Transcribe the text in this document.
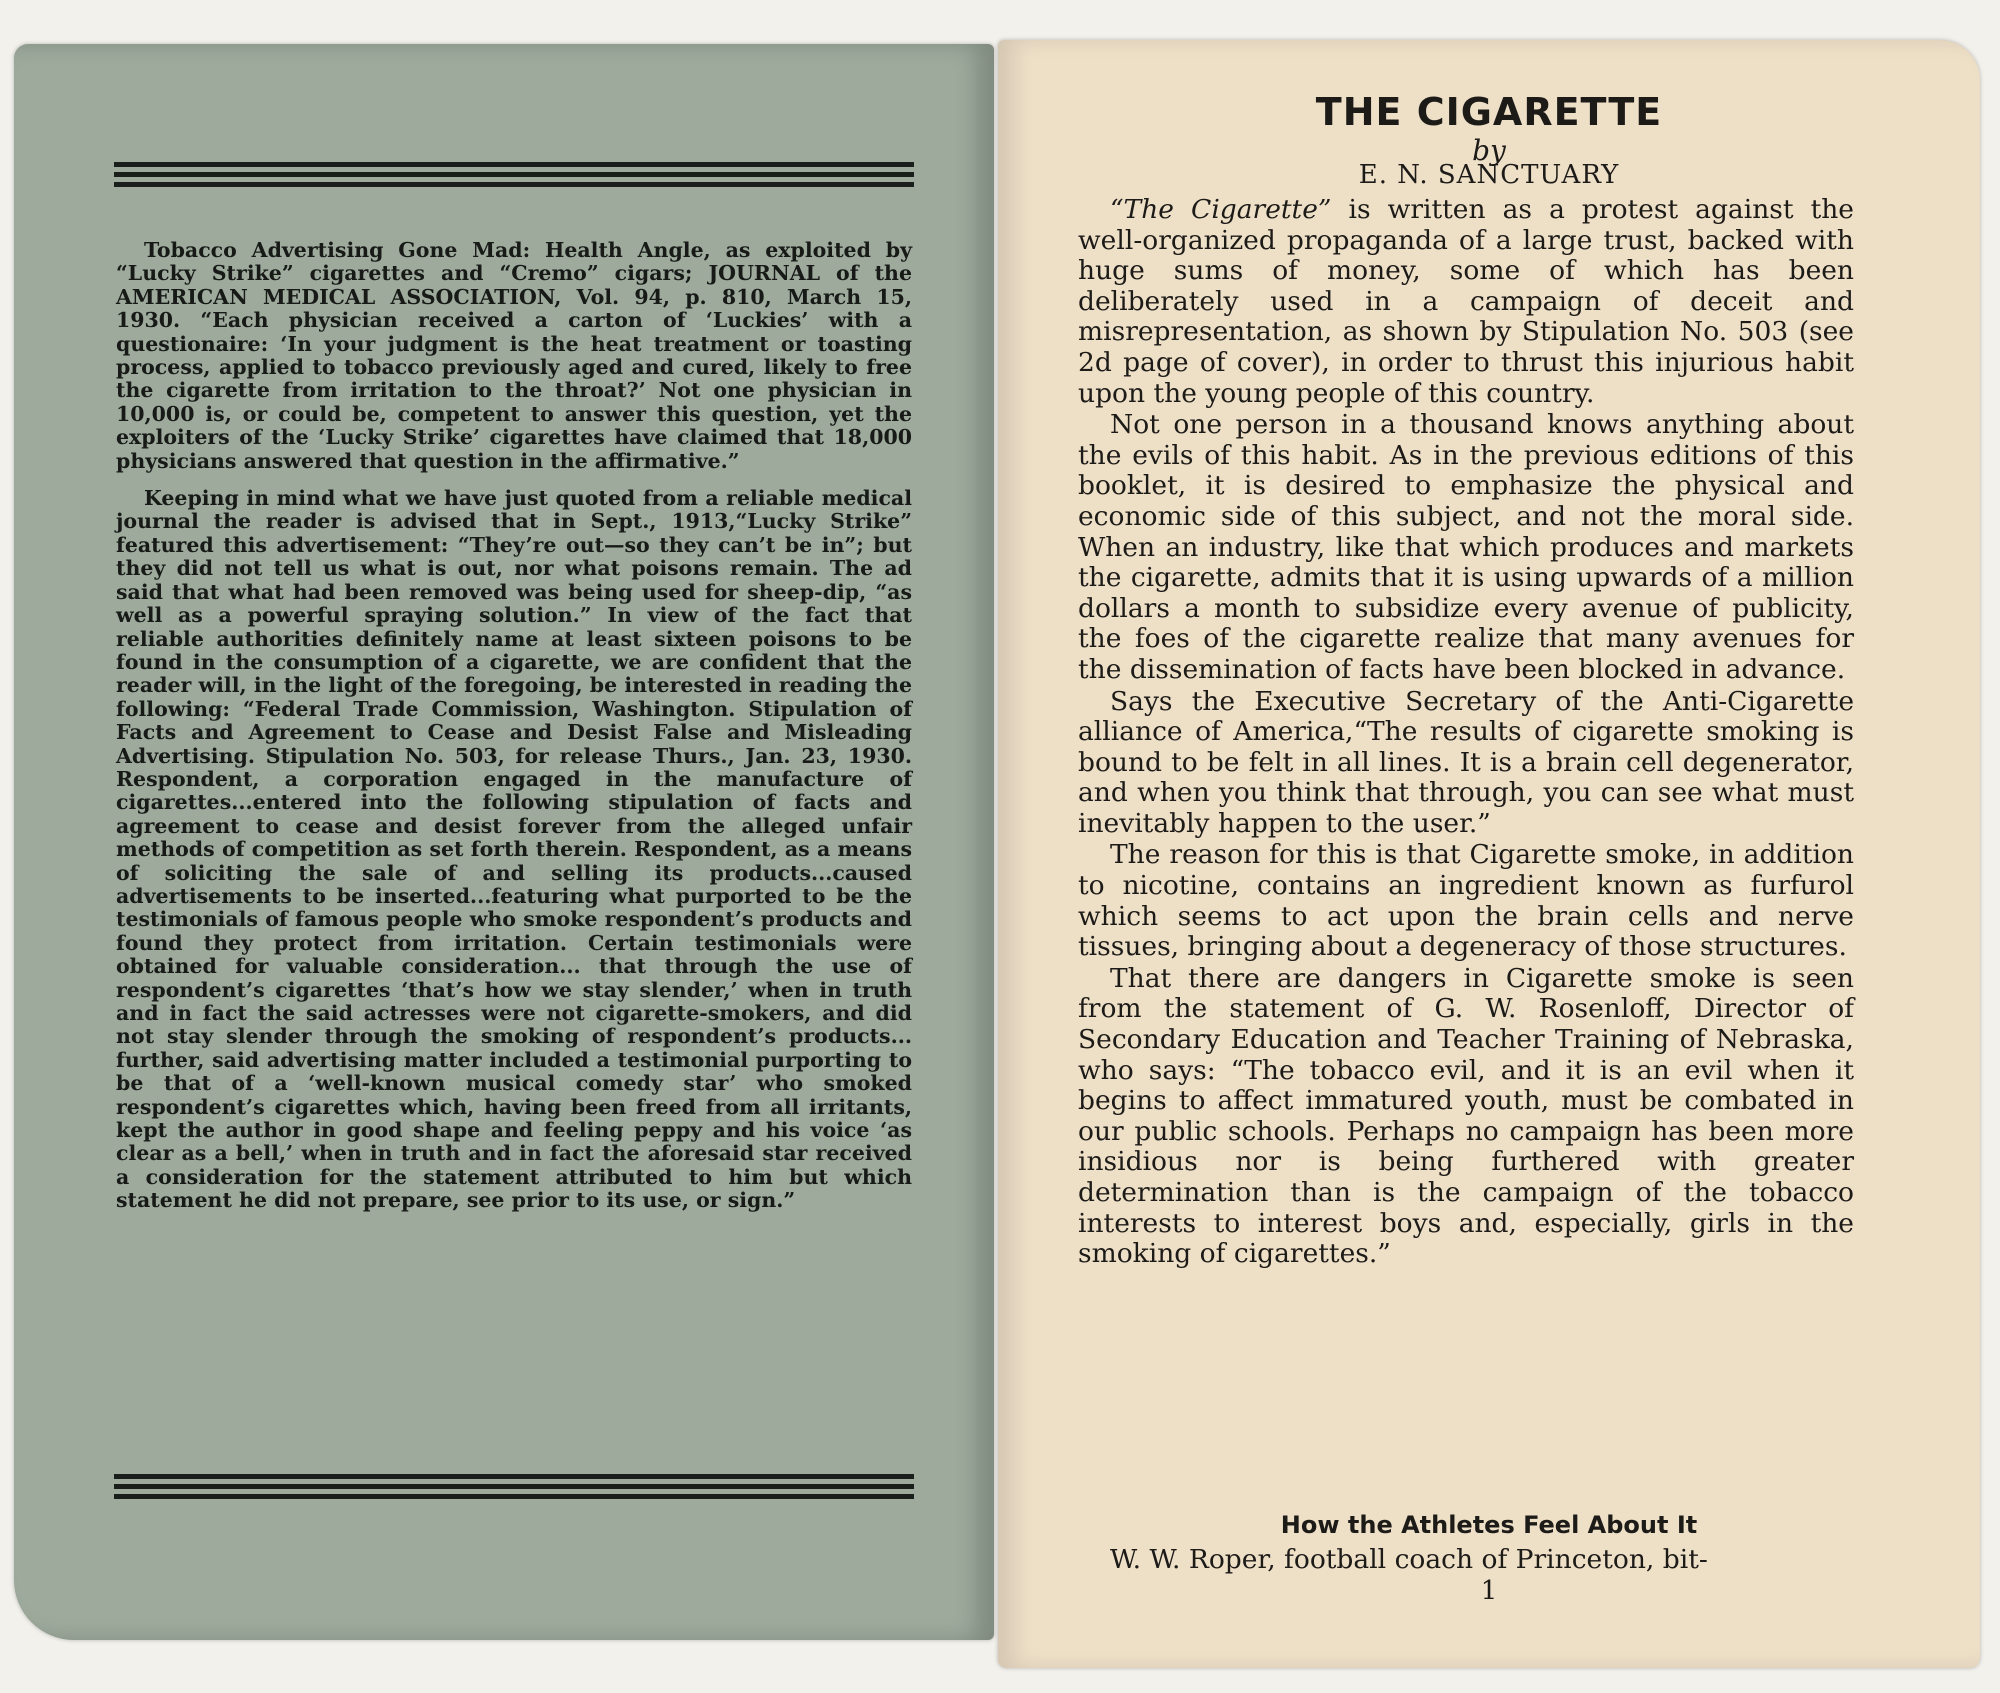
Tobacco Advertising Gone Mad: Health Angle, as exploited by “Lucky Strike” cigarettes and “Cremo” cigars; JOURNAL of the AMERICAN MEDICAL ASSOCIATION, Vol. 94, p. 810, March 15, 1930. “Each physician received a carton of ‘Luckies’ with a questionaire: ‘In your judgment is the heat treatment or toasting process, applied to tobacco previously aged and cured, likely to free the cigarette from irritation to the throat?’ Not one physician in 10,000 is, or could be, competent to answer this question, yet the exploiters of the ‘Lucky Strike’ cigarettes have claimed that 18,000 physicians answered that question in the affirmative.”

Keeping in mind what we have just quoted from a reliable medical journal the reader is advised that in Sept., 1913,“Lucky Strike” featured this advertisement: “They’re out—so they can’t be in”; but they did not tell us what is out, nor what poisons remain. The ad said that what had been removed was being used for sheep-dip, “as well as a powerful spraying solution.” In view of the fact that reliable authorities definitely name at least sixteen poisons to be found in the consumption of a cigarette, we are confident that the reader will, in the light of the foregoing, be interested in reading the following: “Federal Trade Commission, Washington. Stipulation of Facts and Agreement to Cease and Desist False and Misleading Advertising. Stipulation No. 503, for release Thurs., Jan. 23, 1930. Respondent, a corporation engaged in the manufacture of cigarettes...entered into the following stipulation of facts and agreement to cease and desist forever from the alleged unfair methods of competition as set forth therein. Respondent, as a means of soliciting the sale of and selling its products...caused advertisements to be inserted...featuring what purported to be the testimonials of famous people who smoke respondent’s products and found they protect from irritation. Certain testimonials were obtained for valuable consideration... that through the use of respondent’s cigarettes ‘that’s how we stay slender,’ when in truth and in fact the said actresses were not cigarette-smokers, and did not stay slender through the smoking of respondent’s products... further, said advertising matter included a testimonial purporting to be that of a ‘well-known musical comedy star’ who smoked respondent’s cigarettes which, having been freed from all irritants, kept the author in good shape and feeling peppy and his voice ‘as clear as a bell,’ when in truth and in fact the aforesaid star received a consideration for the statement attributed to him but which statement he did not prepare, see prior to its use, or sign.”

THE CIGARETTE
by
E. N. SANCTUARY

“The Cigarette” is written as a protest against the well-organized propaganda of a large trust, backed with huge sums of money, some of which has been deliberately used in a campaign of deceit and misrepresentation, as shown by Stipulation No. 503 (see 2d page of cover), in order to thrust this injurious habit upon the young people of this country.

Not one person in a thousand knows anything about the evils of this habit. As in the previous editions of this booklet, it is desired to emphasize the physical and economic side of this subject, and not the moral side. When an industry, like that which produces and markets the cigarette, admits that it is using upwards of a million dollars a month to subsidize every avenue of publicity, the foes of the cigarette realize that many avenues for the dissemination of facts have been blocked in advance.

Says the Executive Secretary of the Anti-Cigarette alliance of America,“The results of cigarette smoking is bound to be felt in all lines. It is a brain cell degenerator, and when you think that through, you can see what must inevitably happen to the user.”

The reason for this is that Cigarette smoke, in addition to nicotine, contains an ingredient known as furfurol which seems to act upon the brain cells and nerve tissues, bringing about a degeneracy of those structures.

That there are dangers in Cigarette smoke is seen from the statement of G. W. Rosenloff, Director of Secondary Education and Teacher Training of Nebraska, who says: “The tobacco evil, and it is an evil when it begins to affect immatured youth, must be combated in our public schools. Perhaps no campaign has been more insidious nor is being furthered with greater determination than is the campaign of the tobacco interests to interest boys and, especially, girls in the smoking of cigarettes.”

How the Athletes Feel About It
W. W. Roper, football coach of Princeton, bit-
1
